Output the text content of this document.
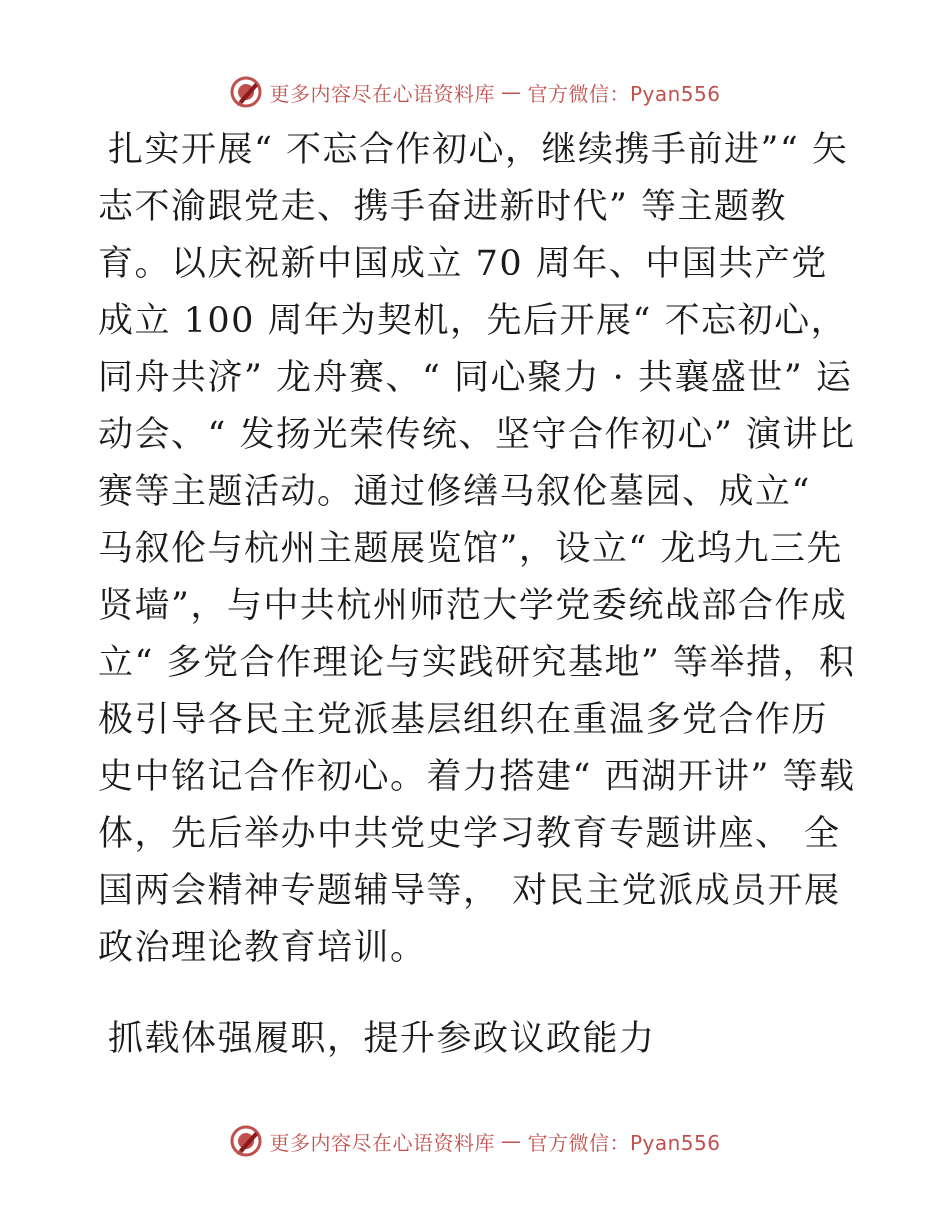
更多内容尽在心语资料库 — 官方微信：Pyan556

扎实开展“ 不忘合作初心，继续携手前进”“ 矢志不渝跟党走、携手奋进新时代” 等主题教育。以庆祝新中国成立 70 周年、中国共产党成立 100 周年为契机，先后开展“ 不忘初心，同舟共济” 龙舟赛、“ 同心聚力 · 共襄盛世” 运动会、“ 发扬光荣传统、坚守合作初心” 演讲比赛等主题活动。通过修缮马叙伦墓园、成立“ 马叙伦与杭州主题展览馆”，设立“ 龙坞九三先贤墙”，与中共杭州师范大学党委统战部合作成立“ 多党合作理论与实践研究基地” 等举措，积极引导各民主党派基层组织在重温多党合作历史中铭记合作初心。着力搭建“ 西湖开讲” 等载体，先后举办中共党史学习教育专题讲座、 全国两会精神专题辅导等， 对民主党派成员开展政治理论教育培训。

抓载体强履职，提升参政议政能力

更多内容尽在心语资料库 — 官方微信：Pyan556
